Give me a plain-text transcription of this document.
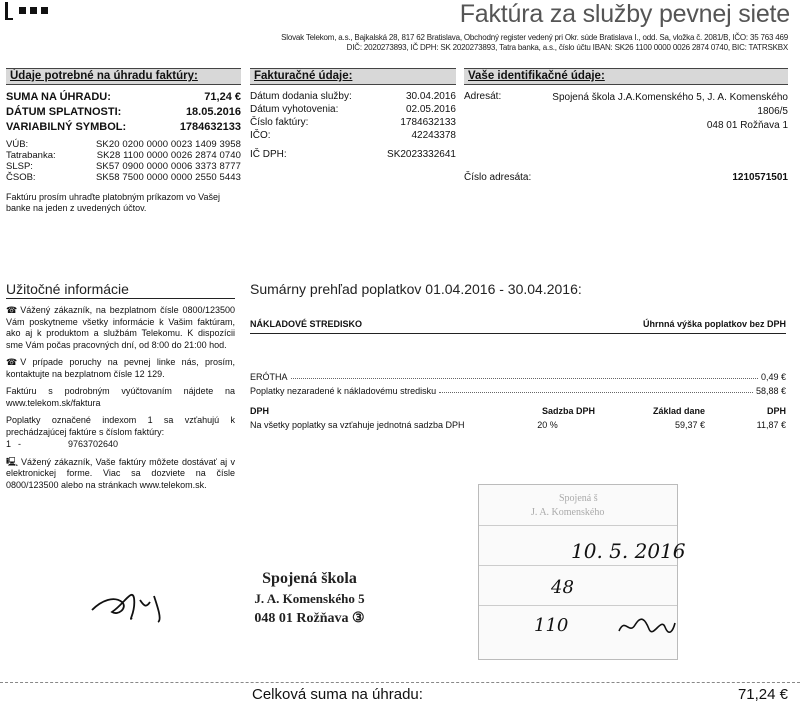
Faktúra za služby pevnej siete
Slovak Telekom, a.s., Bajkalská 28, 817 62 Bratislava, Obchodný register vedený pri Okr. súde Bratislava I., odd. Sa, vložka č. 2081/B, IČO: 35 763 469
DIČ: 2020273893, IČ DPH: SK 2020273893, Tatra banka, a.s., číslo účtu IBAN: SK26 1100 0000 0026 2874 0740, BIC: TATRSKBX
Údaje potrebné na úhradu faktúry:
SUMA NA ÚHRADU:	71,24 €
DÁTUM SPLATNOSTI:	18.05.2016
VARIABILNÝ SYMBOL:	1784632133
VÚB:	SK20 0200 0000 0023 1409 3958
Tatrabanka:	SK28 1100 0000 0026 2874 0740
SLSP:	SK57 0900 0000 0006 3373 8777
ČSOB:	SK58 7500 0000 0000 2550 5443
Faktúru prosím uhraďte platobným príkazom vo Vašej banke na jeden z uvedených účtov.
Fakturačné údaje:
Dátum dodania služby:	30.04.2016
Dátum vyhotovenia:	02.05.2016
Číslo faktúry:	1784632133
IČO:	42243378
IČ DPH:	SK2023332641
Vaše identifikačné údaje:
Adresát:	Spojená škola J.A.Komenského 5, J. A. Komenského
1806/5
048 01 Rožňava 1
Číslo adresáta:	1210571501
Užitočné informácie

☎ Vážený zákazník, na bezplatnom čísle 0800/123500 Vám poskytneme všetky informácie k Vašim faktúram, ako aj k produktom a službám Telekomu. K dispozícii sme Vám počas pracovných dní, od 8:00 do 21:00 hod.

☎ V prípade poruchy na pevnej linke nás, prosím, kontaktujte na bezplatnom čísle 12 129.

Faktúru s podrobným vyúčtovaním nájdete na www.telekom.sk/faktura

Poplatky označené indexom 1 sa vzťahujú k prechádzajúcej faktúre s číslom faktúry:

1 -	9763702640

🖳 Vážený zákazník, Vaše faktúry môžete dostávať aj v elektronickej forme. Viac sa dozviete na čísle 0800/123500 alebo na stránkach www.telekom.sk.

Sumárny prehľad poplatkov 01.04.2016 - 30.04.2016:
NÁKLADOVÉ STREDISKO	Úhrnná výška poplatkov bez DPH
ERÓTHA	0,49 €
Poplatky nezaradené k nákladovému stredisku	58,88 €
DPH	Sadzba DPH	Základ dane	DPH
Na všetky poplatky sa vzťahuje jednotná sadzba DPH	20 %	59,37 €	11,87 €
Spojená š
J. A. Komenského
10. 5. 2016
48
110
Spojená škola
J. A. Komenského 5
048 01 Rožňava ③
Celková suma na úhradu:	71,24 €
